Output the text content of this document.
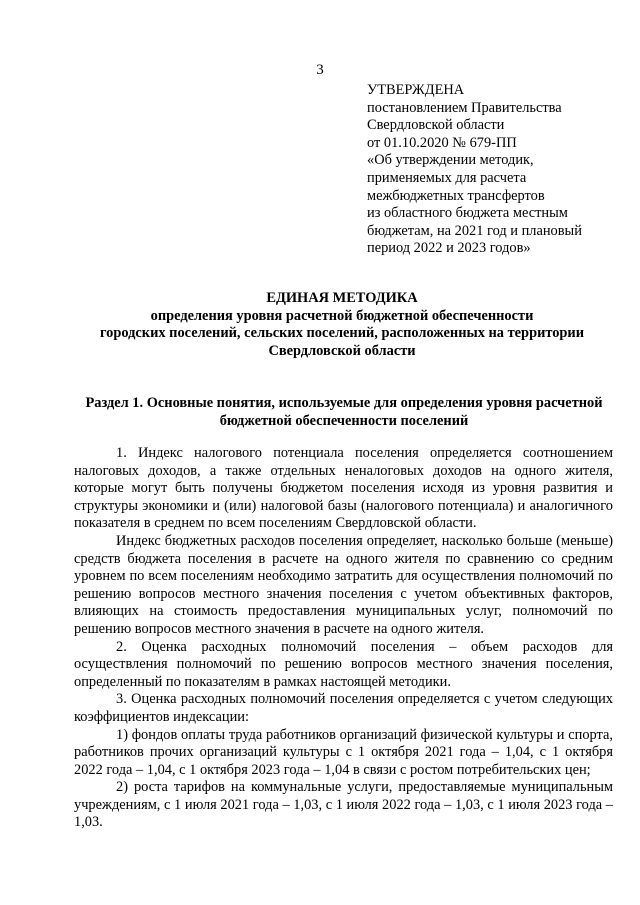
3
УТВЕРЖДЕНА
постановлением Правительства
Свердловской области
от 01.10.2020 № 679-ПП
«Об утверждении методик,
применяемых для расчета
межбюджетных трансфертов
из областного бюджета местным
бюджетам, на 2021 год и плановый
период 2022 и 2023 годов»
ЕДИНАЯ МЕТОДИКА
определения уровня расчетной бюджетной обеспеченности
городских поселений, сельских поселений, расположенных на территории
Свердловской области
Раздел 1. Основные понятия, используемые для определения уровня расчетной бюджетной обеспеченности поселений

1. Индекс налогового потенциала поселения определяется соотношением налоговых доходов, а также отдельных неналоговых доходов на одного жителя, которые могут быть получены бюджетом поселения исходя из уровня развития и структуры экономики и (или) налоговой базы (налогового потенциала) и аналогичного показателя в среднем по всем поселениям Свердловской области.

Индекс бюджетных расходов поселения определяет, насколько больше (меньше) средств бюджета поселения в расчете на одного жителя по сравнению со средним уровнем по всем поселениям необходимо затратить для осуществления полномочий по решению вопросов местного значения поселения с учетом объективных факторов, влияющих на стоимость предоставления муниципальных услуг, полномочий по решению вопросов местного значения в расчете на одного жителя.

2. Оценка расходных полномочий поселения – объем расходов для осуществления полномочий по решению вопросов местного значения поселения, определенный по показателям в рамках настоящей методики.

3. Оценка расходных полномочий поселения определяется с учетом следующих коэффициентов индексации:

1) фондов оплаты труда работников организаций физической культуры и спорта, работников прочих организаций культуры с 1 октября 2021 года – 1,04, с 1 октября 2022 года – 1,04, с 1 октября 2023 года – 1,04 в связи с ростом потребительских цен;

2) роста тарифов на коммунальные услуги, предоставляемые муниципальным учреждениям, с 1 июля 2021 года – 1,03, с 1 июля 2022 года – 1,03, с 1 июля 2023 года – 1,03.
